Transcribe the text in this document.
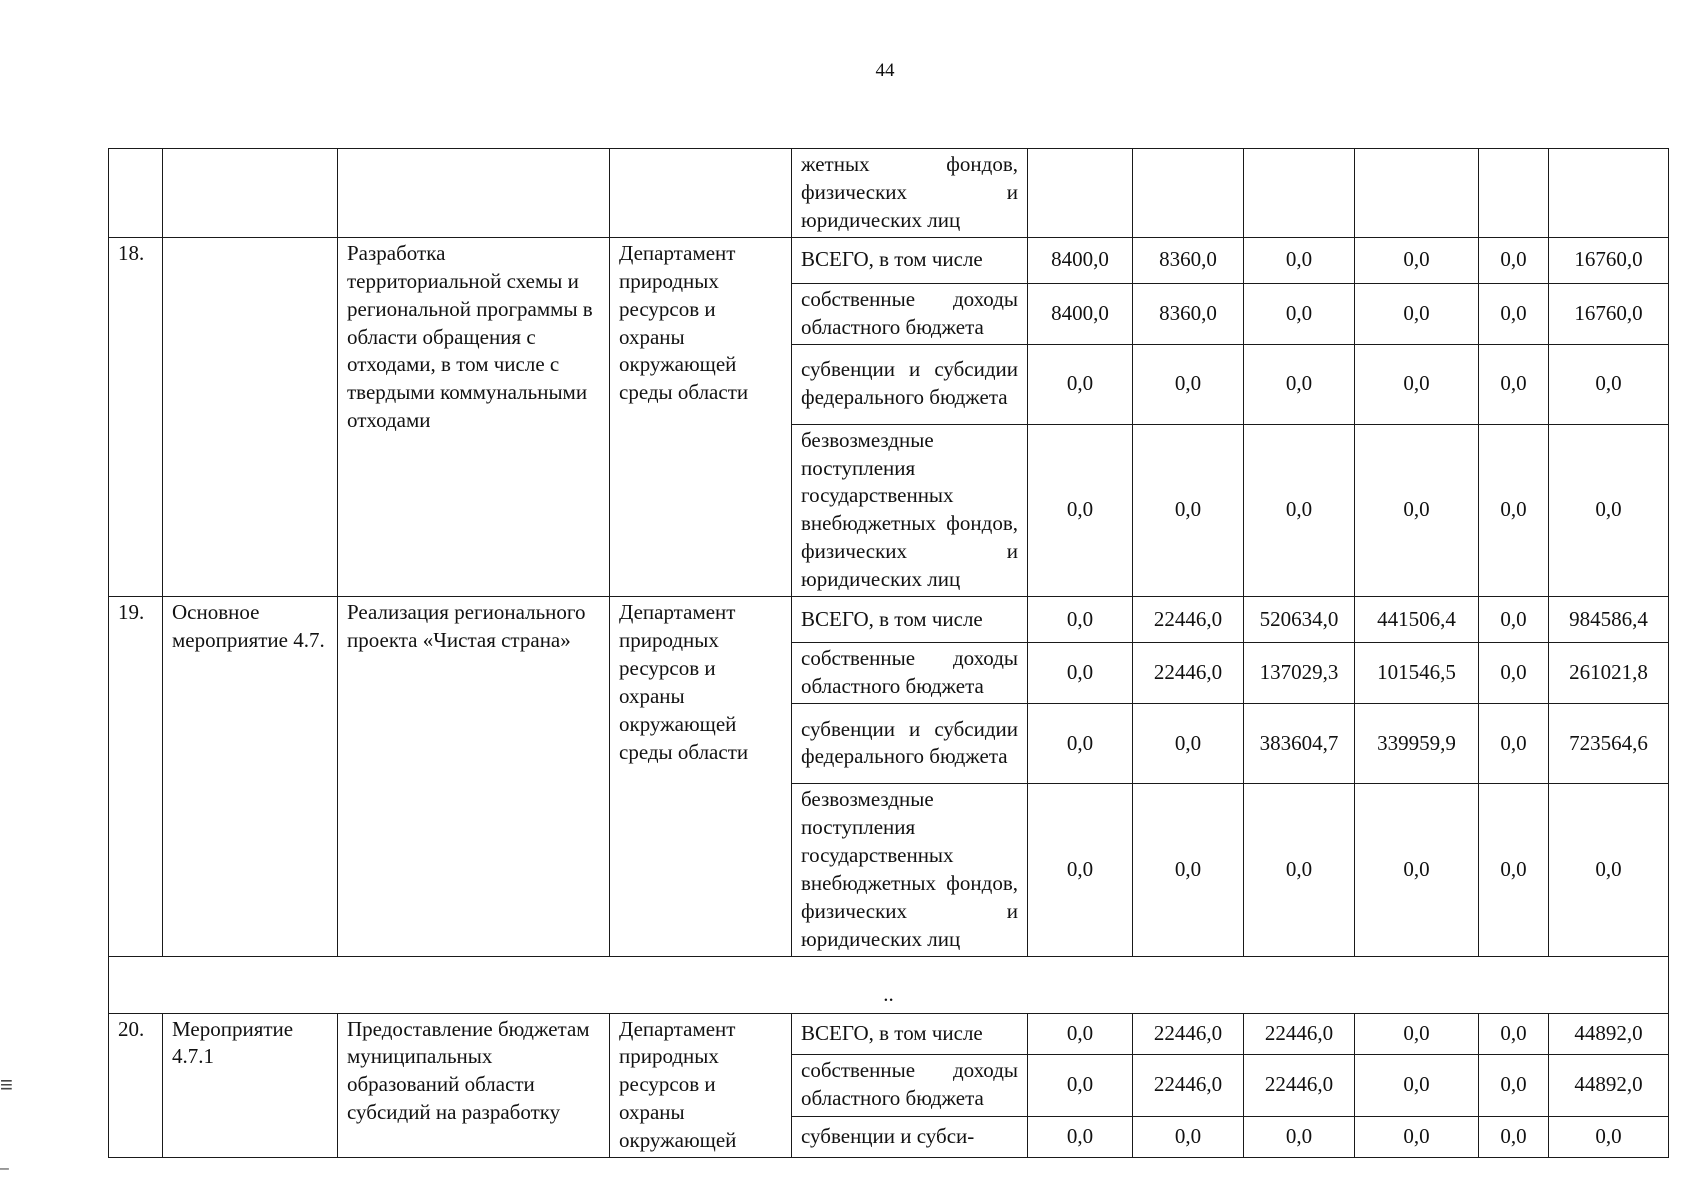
44
				жетных фондов, физических и юридических лиц						
18.		Разработка территориальной схемы и региональной программы в области обращения с отходами, в том числе с твердыми коммунальными отходами	Департамент природных ресурсов и охраны окружающей среды области	ВСЕГО, в том числе	8400,0	8360,0	0,0	0,0	0,0	16760,0
				собственные доходы областного бюджета	8400,0	8360,0	0,0	0,0	0,0	16760,0
				субвенции и субсидии федерального бюджета	0,0	0,0	0,0	0,0	0,0	0,0
				безвозмездные поступления государственных внебюджетных фондов, физических и юридических лиц	0,0	0,0	0,0	0,0	0,0	0,0
19.	Основное мероприятие 4.7.	Реализация регионального проекта «Чистая страна»	Департамент природных ресурсов и охраны окружающей среды области	ВСЕГО, в том числе	0,0	22446,0	520634,0	441506,4	0,0	984586,4
				собственные доходы областного бюджета	0,0	22446,0	137029,3	101546,5	0,0	261021,8
				субвенции и субсидии федерального бюджета	0,0	0,0	383604,7	339959,9	0,0	723564,6
				безвозмездные поступления государственных внебюджетных фондов, физических и юридических лиц	0,0	0,0	0,0	0,0	0,0	0,0
..										
20.	Мероприятие 4.7.1	Предоставление бюджетам муниципальных образований области субсидий на разработку	Департамент природных ресурсов и охраны окружающей	ВСЕГО, в том числе	0,0	22446,0	22446,0	0,0	0,0	44892,0
				собственные доходы областного бюджета	0,0	22446,0	22446,0	0,0	0,0	44892,0
				субвенции и субси-	0,0	0,0	0,0	0,0	0,0	0,0
≡
–
